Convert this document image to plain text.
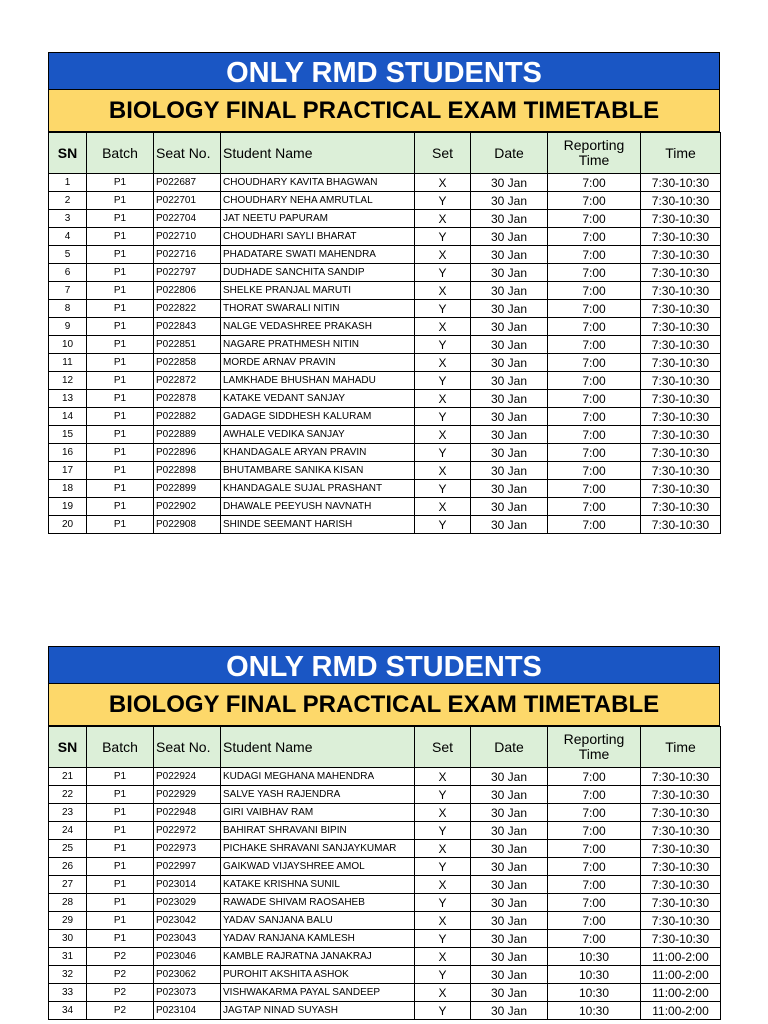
ONLY RMD STUDENTS
BIOLOGY FINAL PRACTICAL EXAM TIMETABLE
SN	Batch	Seat No.	Student Name	Set	Date	Reporting Time	Time
1	P1	P022687	CHOUDHARY KAVITA BHAGWAN	X	30 Jan	7:00	7:30-10:30
2	P1	P022701	CHOUDHARY NEHA AMRUTLAL	Y	30 Jan	7:00	7:30-10:30
3	P1	P022704	JAT NEETU PAPURAM	X	30 Jan	7:00	7:30-10:30
4	P1	P022710	CHOUDHARI SAYLI BHARAT	Y	30 Jan	7:00	7:30-10:30
5	P1	P022716	PHADATARE SWATI MAHENDRA	X	30 Jan	7:00	7:30-10:30
6	P1	P022797	DUDHADE SANCHITA SANDIP	Y	30 Jan	7:00	7:30-10:30
7	P1	P022806	SHELKE PRANJAL MARUTI	X	30 Jan	7:00	7:30-10:30
8	P1	P022822	THORAT SWARALI NITIN	Y	30 Jan	7:00	7:30-10:30
9	P1	P022843	NALGE VEDASHREE PRAKASH	X	30 Jan	7:00	7:30-10:30
10	P1	P022851	NAGARE PRATHMESH NITIN	Y	30 Jan	7:00	7:30-10:30
11	P1	P022858	MORDE ARNAV PRAVIN	X	30 Jan	7:00	7:30-10:30
12	P1	P022872	LAMKHADE BHUSHAN MAHADU	Y	30 Jan	7:00	7:30-10:30
13	P1	P022878	KATAKE VEDANT SANJAY	X	30 Jan	7:00	7:30-10:30
14	P1	P022882	GADAGE SIDDHESH KALURAM	Y	30 Jan	7:00	7:30-10:30
15	P1	P022889	AWHALE VEDIKA SANJAY	X	30 Jan	7:00	7:30-10:30
16	P1	P022896	KHANDAGALE ARYAN PRAVIN	Y	30 Jan	7:00	7:30-10:30
17	P1	P022898	BHUTAMBARE SANIKA KISAN	X	30 Jan	7:00	7:30-10:30
18	P1	P022899	KHANDAGALE SUJAL PRASHANT	Y	30 Jan	7:00	7:30-10:30
19	P1	P022902	DHAWALE PEEYUSH NAVNATH	X	30 Jan	7:00	7:30-10:30
20	P1	P022908	SHINDE SEEMANT HARISH	Y	30 Jan	7:00	7:30-10:30
ONLY RMD STUDENTS
BIOLOGY FINAL PRACTICAL EXAM TIMETABLE
SN	Batch	Seat No.	Student Name	Set	Date	Reporting Time	Time
21	P1	P022924	KUDAGI MEGHANA MAHENDRA	X	30 Jan	7:00	7:30-10:30
22	P1	P022929	SALVE YASH RAJENDRA	Y	30 Jan	7:00	7:30-10:30
23	P1	P022948	GIRI VAIBHAV RAM	X	30 Jan	7:00	7:30-10:30
24	P1	P022972	BAHIRAT SHRAVANI BIPIN	Y	30 Jan	7:00	7:30-10:30
25	P1	P022973	PICHAKE SHRAVANI SANJAYKUMAR	X	30 Jan	7:00	7:30-10:30
26	P1	P022997	GAIKWAD VIJAYSHREE AMOL	Y	30 Jan	7:00	7:30-10:30
27	P1	P023014	KATAKE KRISHNA SUNIL	X	30 Jan	7:00	7:30-10:30
28	P1	P023029	RAWADE SHIVAM RAOSAHEB	Y	30 Jan	7:00	7:30-10:30
29	P1	P023042	YADAV SANJANA BALU	X	30 Jan	7:00	7:30-10:30
30	P1	P023043	YADAV RANJANA KAMLESH	Y	30 Jan	7:00	7:30-10:30
31	P2	P023046	KAMBLE RAJRATNA JANAKRAJ	X	30 Jan	10:30	11:00-2:00
32	P2	P023062	PUROHIT AKSHITA ASHOK	Y	30 Jan	10:30	11:00-2:00
33	P2	P023073	VISHWAKARMA PAYAL SANDEEP	X	30 Jan	10:30	11:00-2:00
34	P2	P023104	JAGTAP NINAD SUYASH	Y	30 Jan	10:30	11:00-2:00
